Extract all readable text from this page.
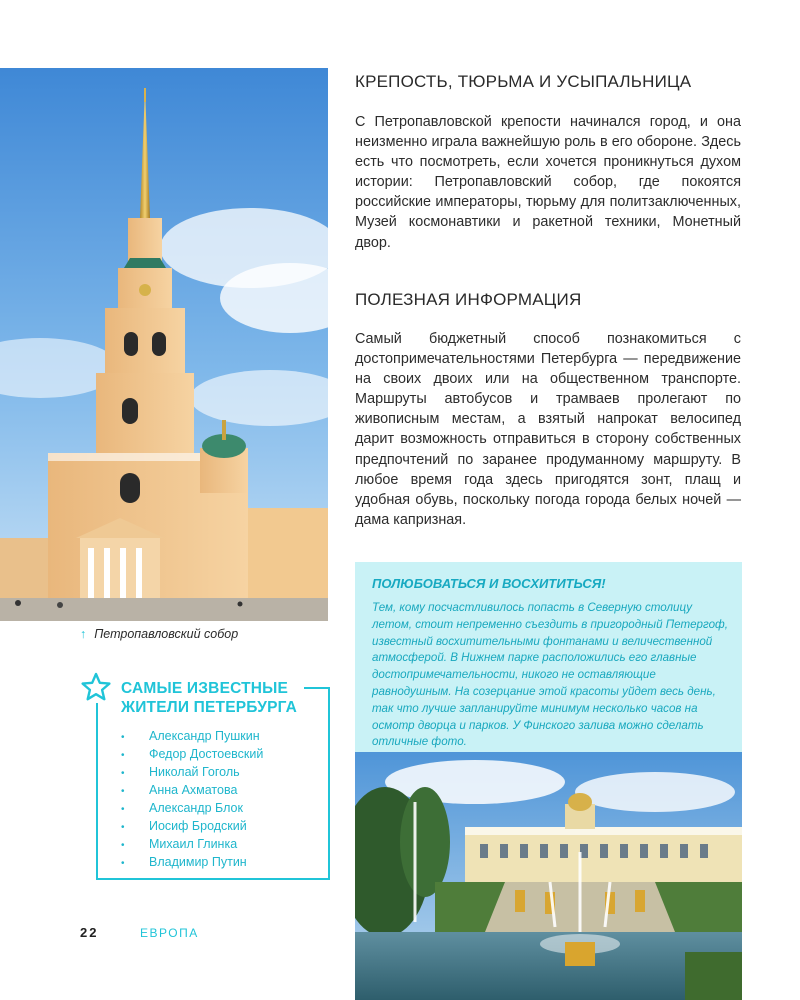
↑ Петропавловский собор
САМЫЕ ИЗВЕСТНЫЕ ЖИТЕЛИ ПЕТЕРБУРГА
• Александр Пушкин
• Федор Достоевский
• Николай Гоголь
• Анна Ахматова
• Александр Блок
• Иосиф Бродский
• Михаил Глинка
• Владимир Путин
22	ЕВРОПА
КРЕПОСТЬ, ТЮРЬМА И УСЫПАЛЬНИЦА
С Петропавловской крепости начинался город, и она неизменно играла важнейшую роль в его обороне. Здесь есть что посмотреть, если хочется проникнуться духом истории: Петропавловский собор, где покоятся российские императоры, тюрьму для политзаключенных, Музей космонавтики и ракетной техники, Монетный двор.
ПОЛЕЗНАЯ ИНФОРМАЦИЯ
Самый бюджетный способ познакомиться с достопримечательностями Петербурга — передвижение на своих двоих или на общественном транспорте. Маршруты автобусов и трамваев пролегают по живописным местам, а взятый напрокат велосипед дарит возможность отправиться в сторону собственных предпочтений по заранее продуманному маршруту. В любое время года здесь пригодятся зонт, плащ и удобная обувь, поскольку погода города белых ночей — дама капризная.
ПОЛЮБОВАТЬСЯ И ВОСХИТИТЬСЯ!
Тем, кому посчастливилось попасть в Северную столицу летом, стоит непременно съездить в пригородный Петергоф, известный восхитительными фонтанами и величественной атмосферой. В Нижнем парке расположились его главные достопримечательности, никого не оставляющие равнодушным. На созерцание этой красоты уйдет весь день, так что лучше запланируйте минимум несколько часов на осмотр дворца и парков. У Финского залива можно сделать отличные фото.
